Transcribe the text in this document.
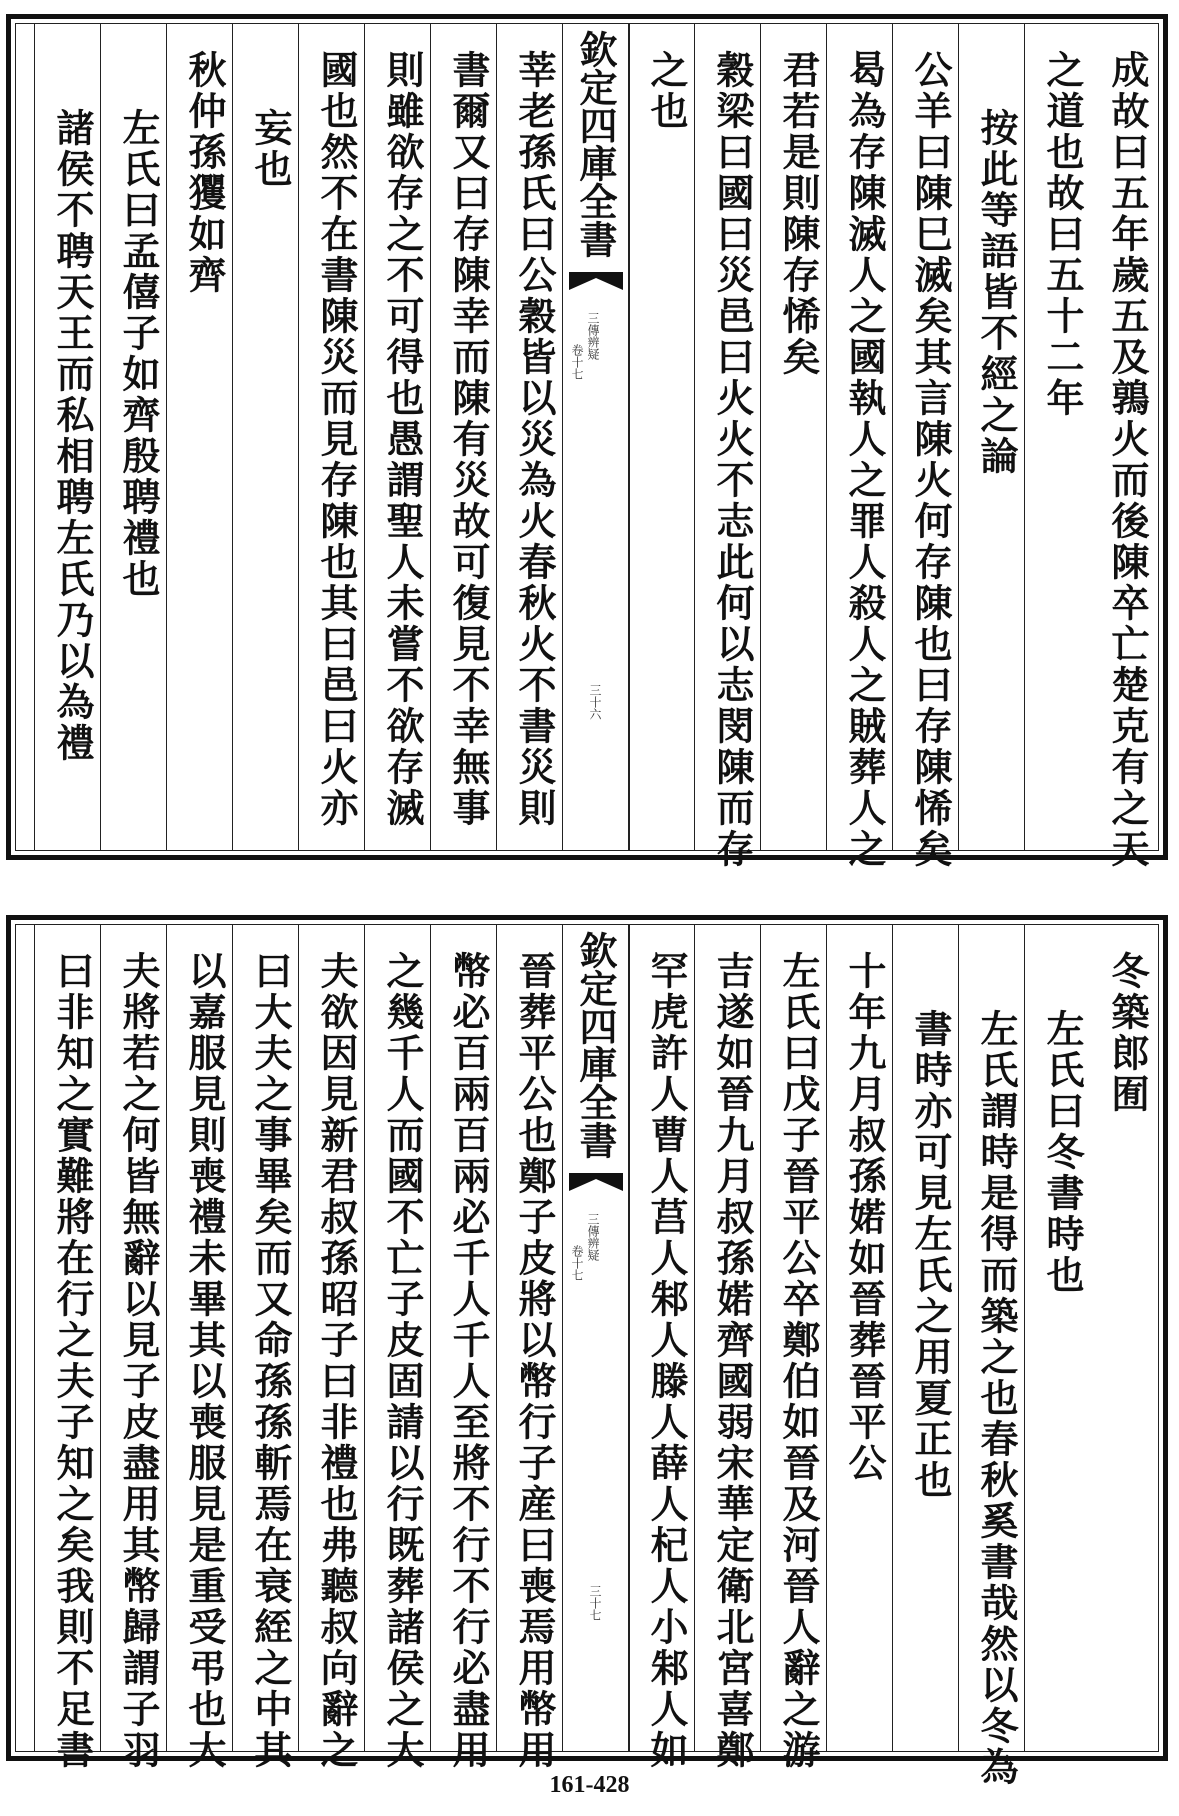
成故曰五年歲五及鶉火而後陳卒亡楚克有之天
之道也故曰五十二年
按此等語皆不經之論
公羊曰陳巳滅矣其言陳火何存陳也曰存陳悕矣
曷為存陳滅人之國執人之罪人殺人之賊葬人之
君若是則陳存悕矣
穀梁曰國曰災邑曰火火不志此何以志閔陳而存
之也
欽定四庫全書
三傳辨疑
卷十七
三十六
莘老孫氏曰公穀皆以災為火春秋火不書災則
書爾又曰存陳幸而陳有災故可復見不幸無事
則雖欲存之不可得也愚謂聖人未嘗不欲存滅
國也然不在書陳災而見存陳也其曰邑曰火亦
妄也
秋仲孫玃如齊
左氏曰孟僖子如齊殷聘禮也
諸侯不聘天王而私相聘左氏乃以為禮
冬築郎囿
左氏曰冬書時也
左氏謂時是得而築之也春秋奚書哉然以冬為
書時亦可見左氏之用夏正也
十年九月叔孫婼如晉葬晉平公
左氏曰戊子晉平公卒鄭伯如晉及河晉人辭之游
吉遂如晉九月叔孫婼齊國弱宋華定衛北宮喜鄭
罕虎許人曹人莒人邾人滕人薛人杞人小邾人如
欽定四庫全書
三傳辨疑
卷十七
三十七
晉葬平公也鄭子皮將以幣行子産曰喪焉用幣用
幣必百兩百兩必千人千人至將不行不行必盡用
之幾千人而國不亡子皮固請以行既葬諸侯之大
夫欲因見新君叔孫昭子曰非禮也弗聽叔向辭之
曰大夫之事畢矣而又命孫孫斬焉在衰絰之中其
以嘉服見則喪禮未畢其以喪服見是重受弔也大
夫將若之何皆無辭以見子皮盡用其幣歸謂子羽
曰非知之實難將在行之夫子知之矣我則不足書
161-428
